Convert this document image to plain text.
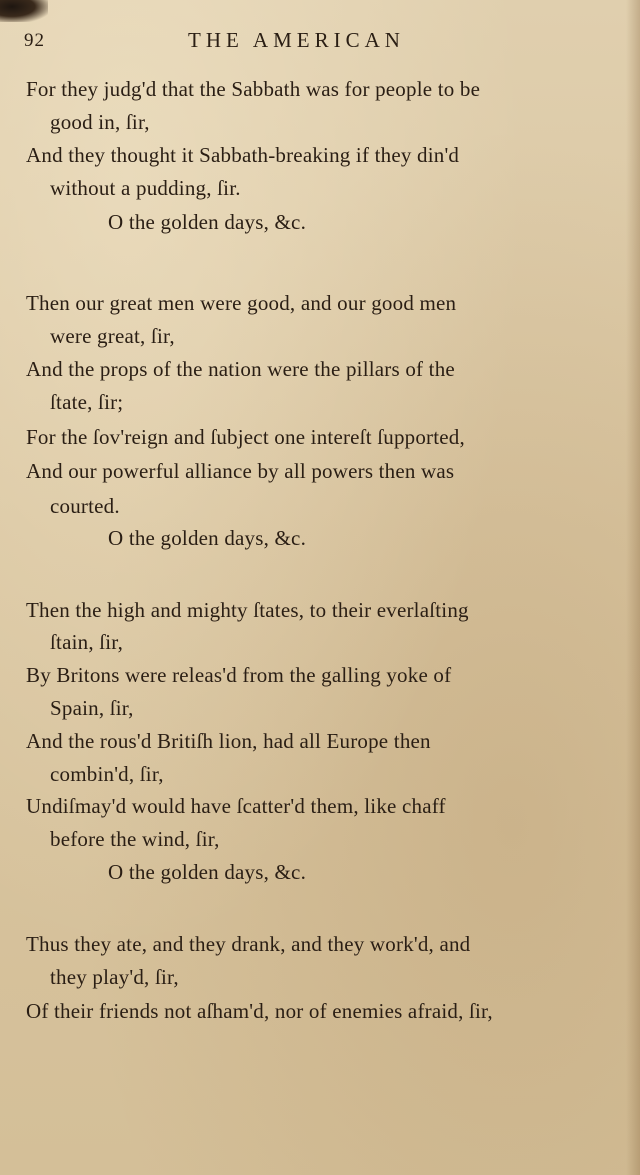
92	THE AMERICAN
For they judg'd that the Sabbath was for people to be
good in, ſir,
And they thought it Sabbath-breaking if they din'd
without a pudding, ſir.
O the golden days, &c.
Then our great men were good, and our good men
were great, ſir,
And the props of the nation were the pillars of the
ſtate, ſir;
For the ſov'reign and ſubject one intereſt ſupported,
And our powerful alliance by all powers then was
courted.
O the golden days, &c.
Then the high and mighty ſtates, to their everlaſting
ſtain, ſir,
By Britons were releas'd from the galling yoke of
Spain, ſir,
And the rous'd Britiſh lion, had all Europe then
combin'd, ſir,
Undiſmay'd would have ſcatter'd them, like chaff
before the wind, ſir,
O the golden days, &c.
Thus they ate, and they drank, and they work'd, and
they play'd, ſir,
Of their friends not aſham'd, nor of enemies afraid, ſir,
